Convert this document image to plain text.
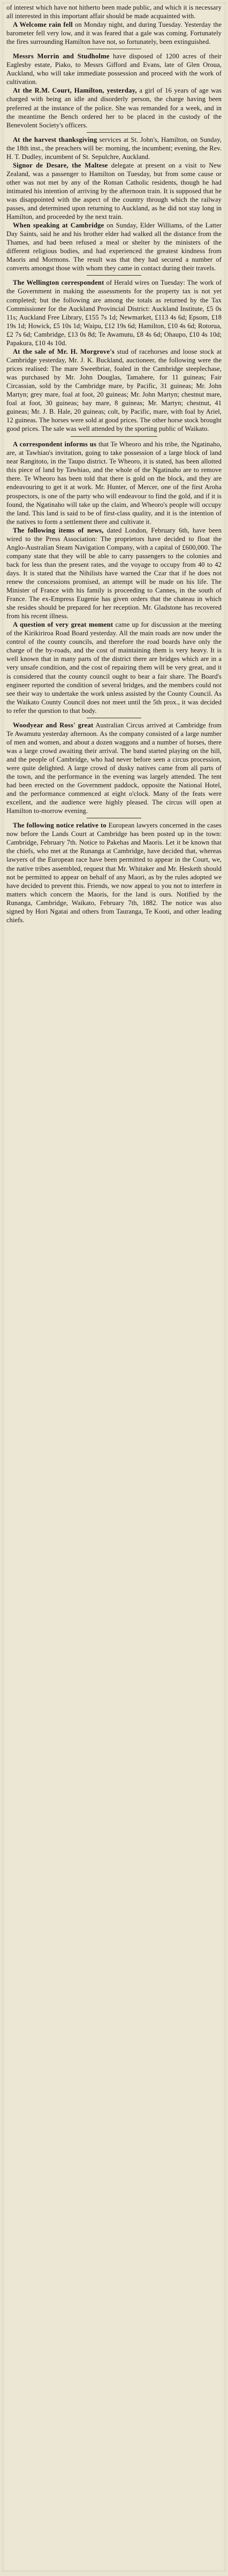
of interest which have not hitherto been made public, and which it is necessary all interested in this important affair should be made acquainted with.

A Welcome rain fell on Monday night, and during Tuesday. Yesterday the barometer fell very low, and it was feared that a gale was coming. Fortunately the fires surrounding Hamilton have not, so fortunately, been extinguished.

Messrs Morrin and Studholme have disposed of 1200 acres of their Eaglesby estate, Piako, to Messrs Gifford and Evans, late of Glen Oroua, Auckland, who will take immediate possession and proceed with the work of cultivation.

At the R.M. Court, Hamilton, yesterday, a girl of 16 years of age was charged with being an idle and disorderly person, the charge having been preferred at the instance of the police. She was remanded for a week, and in the meantime the Bench ordered her to be placed in the custody of the Benevolent Society's officers.

At the harvest thanksgiving services at St. John's, Hamilton, on Sunday, the 18th inst., the preachers will be: morning, the incumbent; evening, the Rev. H. T. Dudley, incumbent of St. Sepulchre, Auckland.

Signor de Desare, the Maltese delegate at present on a visit to New Zealand, was a passenger to Hamilton on Tuesday, but from some cause or other was not met by any of the Roman Catholic residents, though he had intimated his intention of arriving by the afternoon train. It is supposed that he was disappointed with the aspect of the country through which the railway passes, and determined upon returning to Auckland, as he did not stay long in Hamilton, and proceeded by the next train.

When speaking at Cambridge on Sunday, Elder Williams, of the Latter Day Saints, said he and his brother elder had walked all the distance from the Thames, and had been refused a meal or shelter by the ministers of the different religious bodies, and had experienced the greatest kindness from Maoris and Mormons. The result was that they had secured a number of converts amongst those with whom they came in contact during their travels.

The Wellington correspondent of Herald wires on Tuesday: The work of the Government in making the assessments for the property tax is not yet completed; but the following are among the totals as returned by the Tax Commissioner for the Auckland Provincial District: Auckland Institute, £5 0s 11s; Auckland Free Library, £155 7s 1d; Newmarket, £113 4s 6d; Epsom, £18 19s 1d; Howick, £5 10s 1d; Waipu, £12 19s 6d; Hamilton, £10 4s 6d; Rotorua, £2 7s 6d; Cambridge, £13 0s 8d; Te Awamutu, £8 4s 6d; Ohaupo, £10 4s 10d; Papakura, £10 4s 10d.

At the sale of Mr. H. Morgrove's stud of racehorses and loose stock at Cambridge yesterday, Mr. J. K. Buckland, auctioneer, the following were the prices realised: The mare Sweetbriar, foaled in the Cambridge steeplechase, was purchased by Mr. John Douglas, Tamahere, for 11 guineas; Fair Circassian, sold by the Cambridge mare, by Pacific, 31 guineas; Mr. John Martyn; grey mare, foal at foot, 20 guineas; Mr. John Martyn; chestnut mare, foal at foot, 30 guineas; bay mare, 8 guineas; Mr. Martyn; chestnut, 41 guineas; Mr. J. B. Hale, 20 guineas; colt, by Pacific, mare, with foal by Ariel, 12 guineas. The horses were sold at good prices. The other horse stock brought good prices. The sale was well attended by the sporting public of Waikato.

A correspondent informs us that Te Wheoro and his tribe, the Ngatinaho, are, at Tawhiao's invitation, going to take possession of a large block of land near Rangitoto, in the Taupo district. Te Wheoro, it is stated, has been allotted this piece of land by Tawhiao, and the whole of the Ngatinaho are to remove there. Te Wheoro has been told that there is gold on the block, and they are endeavouring to get it at work. Mr. Hunter, of Mercer, one of the first Aroha prospectors, is one of the party who will endeavour to find the gold, and if it is found, the Ngatinaho will take up the claim, and Wheoro's people will occupy the land. This land is said to be of first-class quality, and it is the intention of the natives to form a settlement there and cultivate it.

The following items of news, dated London, February 6th, have been wired to the Press Association: The proprietors have decided to float the Anglo-Australian Steam Navigation Company, with a capital of £600,000. The company state that they will be able to carry passengers to the colonies and back for less than the present rates, and the voyage to occupy from 40 to 42 days. It is stated that the Nihilists have warned the Czar that if he does not renew the concessions promised, an attempt will be made on his life. The Minister of France with his family is proceeding to Cannes, in the south of France. The ex-Empress Eugenie has given orders that the chateau in which she resides should be prepared for her reception. Mr. Gladstone has recovered from his recent illness.

A question of very great moment came up for discussion at the meeting of the Kirikiriroa Road Board yesterday. All the main roads are now under the control of the county councils, and therefore the road boards have only the charge of the by-roads, and the cost of maintaining them is very heavy. It is well known that in many parts of the district there are bridges which are in a very unsafe condition, and the cost of repairing them will be very great, and it is considered that the county council ought to bear a fair share. The Board's engineer reported the condition of several bridges, and the members could not see their way to undertake the work unless assisted by the County Council. As the Waikato County Council does not meet until the 5th prox., it was decided to refer the question to that body.

Woodyear and Ross' great Australian Circus arrived at Cambridge from Te Awamutu yesterday afternoon. As the company consisted of a large number of men and women, and about a dozen waggons and a number of horses, there was a large crowd awaiting their arrival. The band started playing on the hill, and the people of Cambridge, who had never before seen a circus procession, were quite delighted. A large crowd of dusky natives came from all parts of the town, and the performance in the evening was largely attended. The tent had been erected on the Government paddock, opposite the National Hotel, and the performance commenced at eight o'clock. Many of the feats were excellent, and the audience were highly pleased. The circus will open at Hamilton to-morrow evening.

The following notice relative to European lawyers concerned in the cases now before the Lands Court at Cambridge has been posted up in the town: Cambridge, February 7th. Notice to Pakehas and Maoris. Let it be known that the chiefs, who met at the Runanga at Cambridge, have decided that, whereas lawyers of the European race have been permitted to appear in the Court, we, the native tribes assembled, request that Mr. Whitaker and Mr. Hesketh should not be permitted to appear on behalf of any Maori, as by the rules adopted we have decided to prevent this. Friends, we now appeal to you not to interfere in matters which concern the Maoris, for the land is ours. Notified by the Runanga, Cambridge, Waikato, February 7th, 1882. The notice was also signed by Hori Ngatai and others from Tauranga, Te Kooti, and other leading chiefs.
